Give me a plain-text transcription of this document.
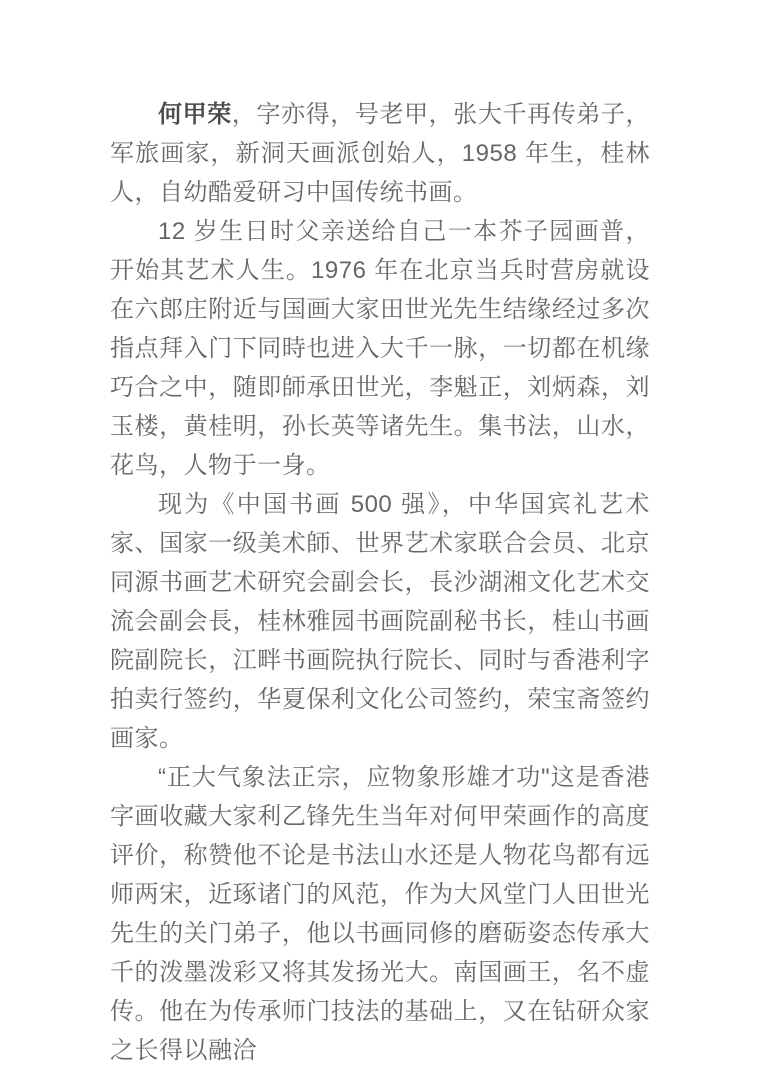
何甲荣，字亦得，号老甲，张大千再传弟子，军旅画家，新洞天画派创始人，1958 年生，桂林人，自幼酷爱研习中国传统书画。

12 岁生日时父亲送给自己一本芥子园画普，开始其艺术人生。1976 年在北京当兵时营房就设在六郎庄附近与国画大家田世光先生结缘经过多次指点拜入门下同時也进入大千一脉，一切都在机缘巧合之中，随即師承田世光，李魁正，刘炳森，刘玉楼，黄桂明，孙长英等诸先生。集书法，山水，花鸟，人物于一身。

现为《中国书画 500 强》，中华国宾礼艺术家、国家一级美术師、世界艺术家联合会员、北京同源书画艺术研究会副会长，長沙湖湘文化艺术交流会副会長，桂林雅园书画院副秘书长，桂山书画院副院长，江畔书画院执行院长、同时与香港利字拍卖行签约，华夏保利文化公司签约，荣宝斋签约画家。

“正大气象法正宗，应物象形雄才功"这是香港字画收藏大家利乙锋先生当年对何甲荣画作的高度评价，称赞他不论是书法山水还是人物花鸟都有远师两宋，近琢诸门的风范，作为大风堂门人田世光先生的关门弟子，他以书画同修的磨砺姿态传承大千的泼墨泼彩又将其发扬光大。南国画王，名不虚传。他在为传承师门技法的基础上，又在钻研众家之长得以融洽
